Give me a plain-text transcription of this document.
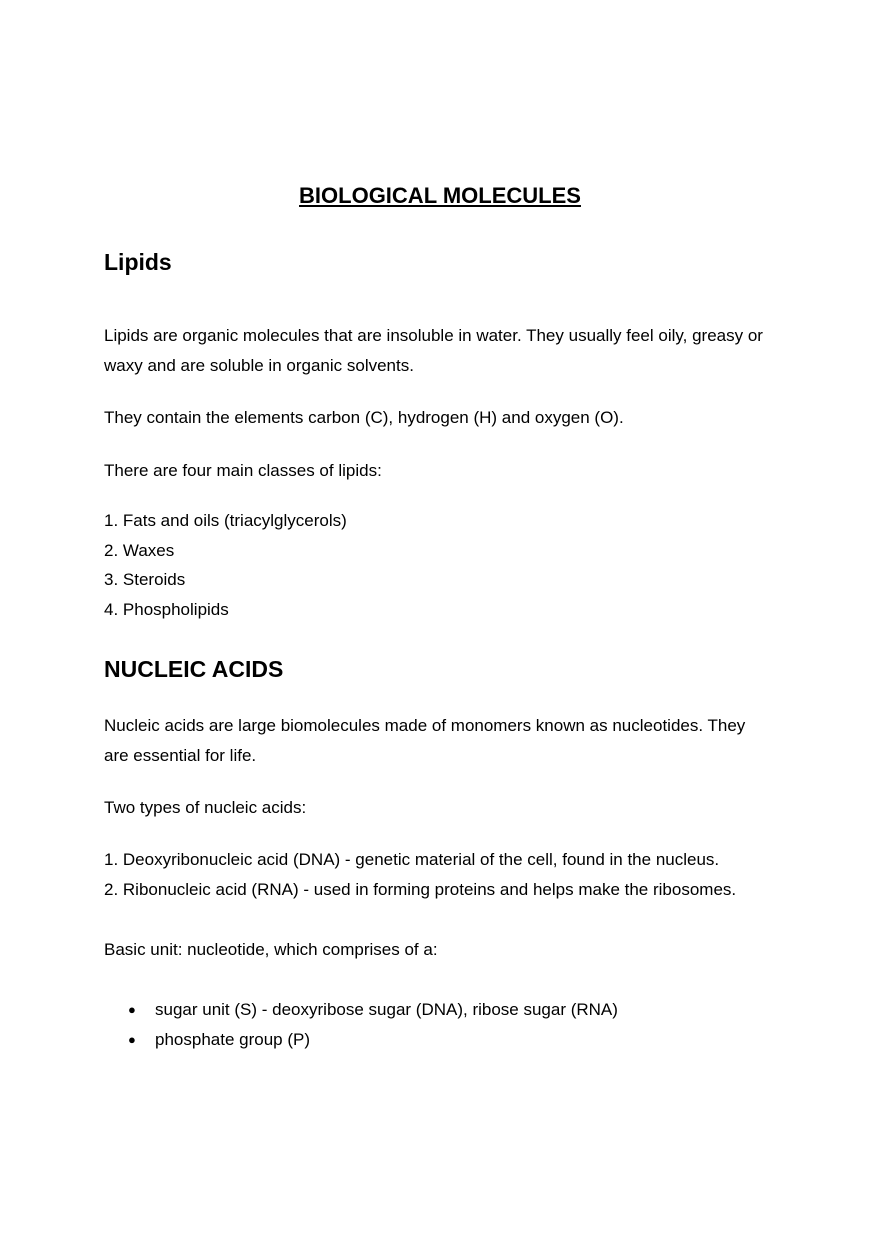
BIOLOGICAL MOLECULES
Lipids
Lipids are organic molecules that are insoluble in water. They usually feel oily, greasy or
waxy and are soluble in organic solvents.
They contain the elements carbon (C), hydrogen (H) and oxygen (O).
There are four main classes of lipids:
1. Fats and oils (triacylglycerols)
2. Waxes
3. Steroids
4. Phospholipids
NUCLEIC ACIDS
Nucleic acids are large biomolecules made of monomers known as nucleotides. They
are essential for life.
Two types of nucleic acids:
1. Deoxyribonucleic acid (DNA) - genetic material of the cell, found in the nucleus.
2. Ribonucleic acid (RNA) - used in forming proteins and helps make the ribosomes.
Basic unit: nucleotide, which comprises of a:
● sugar unit (S) - deoxyribose sugar (DNA), ribose sugar (RNA)
● phosphate group (P)
